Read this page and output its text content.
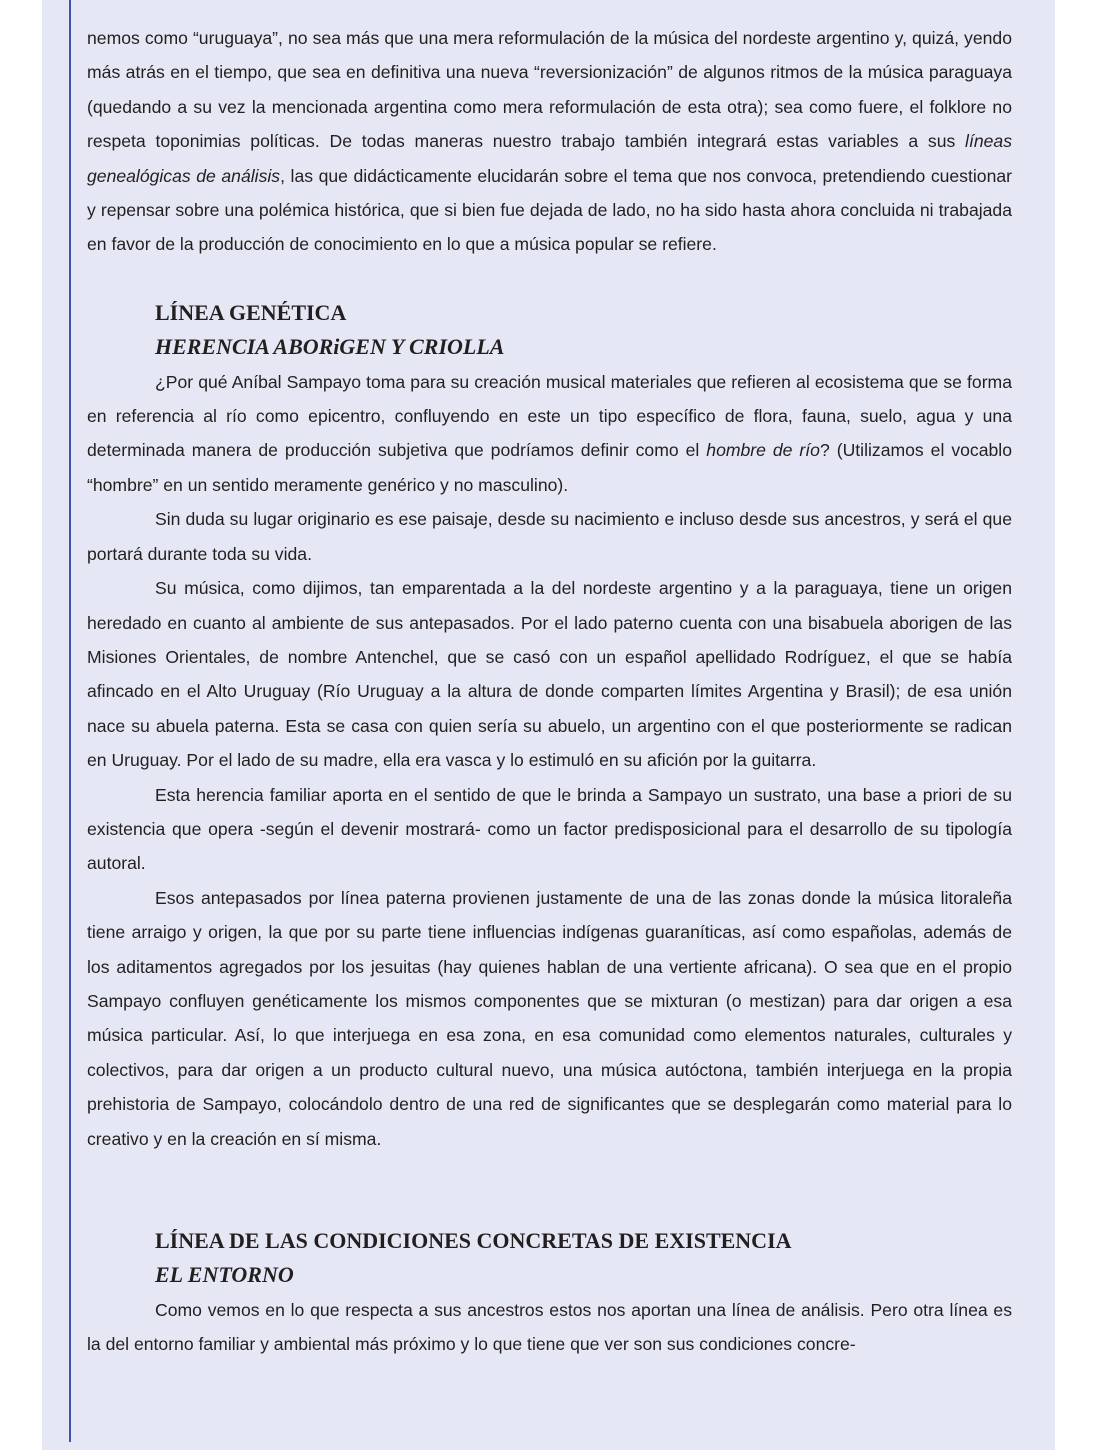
nemos como “uruguaya”, no sea más que una mera reformulación de la música del nordeste argentino y, quizá, yendo más atrás en el tiempo, que sea en definitiva una nueva “reversionización” de algunos ritmos de la música paraguaya (quedando a su vez la mencionada argentina como mera reformulación de esta otra); sea como fuere, el folklore no respeta toponimias políticas. De todas maneras nuestro trabajo también integrará estas variables a sus líneas genealógicas de análisis, las que didácticamente elucidarán sobre el tema que nos convoca, pretendiendo cuestionar y repensar sobre una polémica histórica, que si bien fue dejada de lado, no ha sido hasta ahora concluida ni trabajada en favor de la producción de conocimiento en lo que a música popular se refiere.

LÍNEA GENÉTICA
HERENCIA ABORiGEN Y CRIOLLA

¿Por qué Aníbal Sampayo toma para su creación musical materiales que refieren al ecosistema que se forma en referencia al río como epicentro, confluyendo en este un tipo específico de flora, fauna, suelo, agua y una determinada manera de producción subjetiva que podríamos definir como el hombre de río? (Utilizamos el vocablo “hombre” en un sentido meramente genérico y no masculino).

Sin duda su lugar originario es ese paisaje, desde su nacimiento e incluso desde sus ancestros, y será el que portará durante toda su vida.

Su música, como dijimos, tan emparentada a la del nordeste argentino y a la paraguaya, tiene un origen heredado en cuanto al ambiente de sus antepasados. Por el lado paterno cuenta con una bisabuela aborigen de las Misiones Orientales, de nombre Antenchel, que se casó con un español apellidado Rodríguez, el que se había afincado en el Alto Uruguay (Río Uruguay a la altura de donde comparten límites Argentina y Brasil); de esa unión nace su abuela paterna. Esta se casa con quien sería su abuelo, un argentino con el que posteriormente se radican en Uruguay. Por el lado de su madre, ella era vasca y lo estimuló en su afición por la guitarra.

Esta herencia familiar aporta en el sentido de que le brinda a Sampayo un sustrato, una base a priori de su existencia que opera -según el devenir mostrará- como un factor predisposicional para el desarrollo de su tipología autoral.

Esos antepasados por línea paterna provienen justamente de una de las zonas donde la música litoraleña tiene arraigo y origen, la que por su parte tiene influencias indígenas guaraníticas, así como españolas, además de los aditamentos agregados por los jesuitas (hay quienes hablan de una vertiente africana). O sea que en el propio Sampayo confluyen genéticamente los mismos componentes que se mixturan (o mestizan) para dar origen a esa música particular. Así, lo que interjuega en esa zona, en esa comunidad como elementos naturales, culturales y colectivos, para dar origen a un producto cultural nuevo, una música autóctona, también interjuega en la propia prehistoria de Sampayo, colocándolo dentro de una red de significantes que se desplegarán como material para lo creativo y en la creación en sí misma.

LÍNEA DE LAS CONDICIONES CONCRETAS DE EXISTENCIA
EL ENTORNO

Como vemos en lo que respecta a sus ancestros estos nos aportan una línea de análisis. Pero otra línea es la del entorno familiar y ambiental más próximo y lo que tiene que ver son sus condiciones concre-
